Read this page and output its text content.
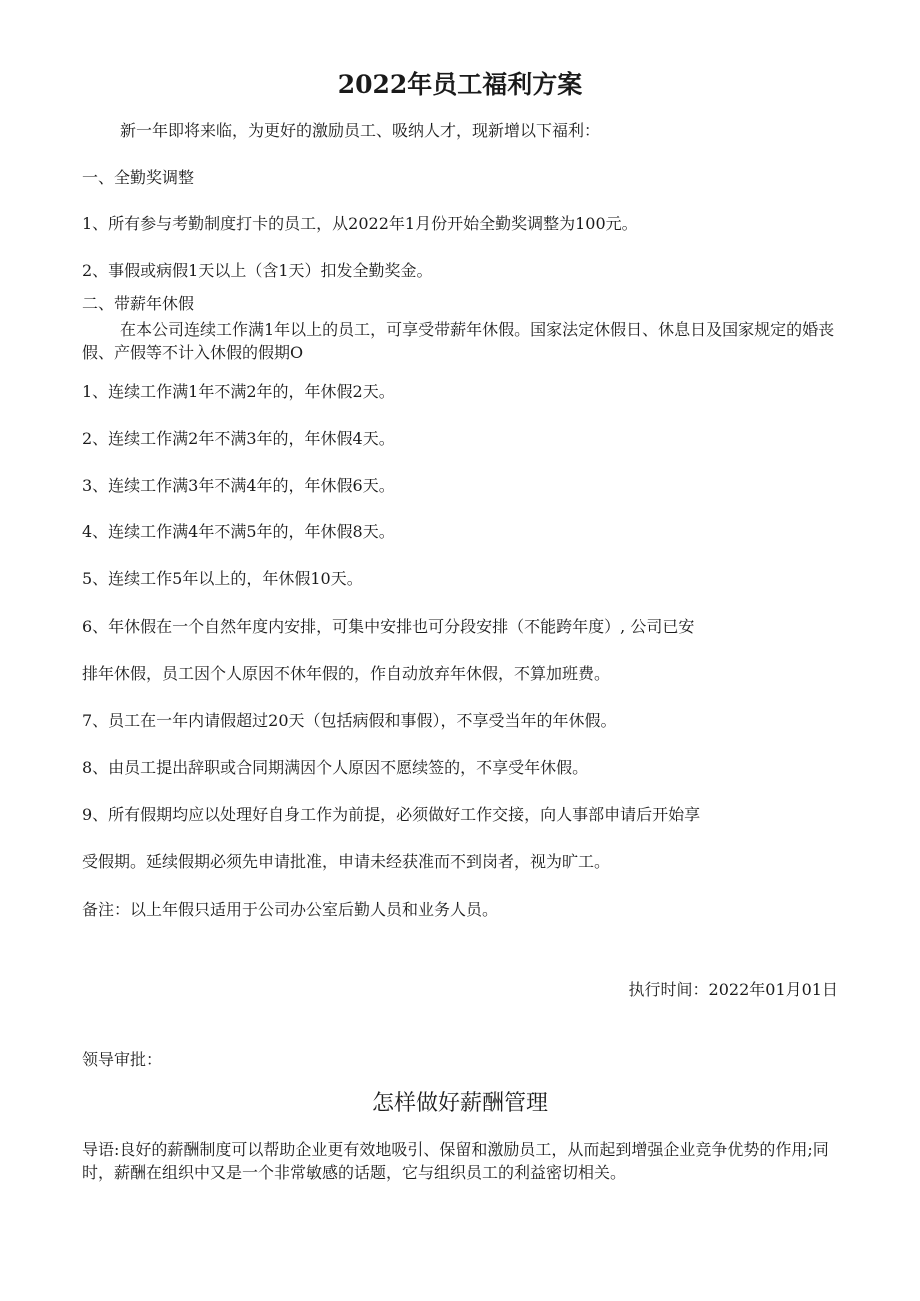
2022年员工福利方案
新一年即将来临，为更好的激励员工、吸纳人才，现新增以下福利：
一、全勤奖调整
1、所有参与考勤制度打卡的员工，从2022年1月份开始全勤奖调整为100元。
2、事假或病假1天以上（含1天）扣发全勤奖金。
二、带薪年休假
在本公司连续工作满1年以上的员工，可享受带薪年休假。国家法定休假日、休息日及国家规定的婚丧假、产假等不计入休假的假期O
1、连续工作满1年不满2年的，年休假2天。
2、连续工作满2年不满3年的，年休假4天。
3、连续工作满3年不满4年的，年休假6天。
4、连续工作满4年不满5年的，年休假8天。
5、连续工作5年以上的，年休假10天。
6、年休假在一个自然年度内安排，可集中安排也可分段安排（不能跨年度）, 公司已安
排年休假，员工因个人原因不休年假的，作自动放弃年休假，不算加班费。
7、员工在一年内请假超过20天（包括病假和事假），不享受当年的年休假。
8、由员工提出辞职或合同期满因个人原因不愿续签的，不享受年休假。
9、所有假期均应以处理好自身工作为前提，必须做好工作交接，向人事部申请后开始享
受假期。延续假期必须先申请批准，申请未经获准而不到岗者，视为旷工。
备注：以上年假只适用于公司办公室后勤人员和业务人员。
执行时间：2022年01月01日
领导审批：
怎样做好薪酬管理
导语:良好的薪酬制度可以帮助企业更有效地吸引、保留和激励员工，从而起到增强企业竞争优势的作用;同时，薪酬在组织中又是一个非常敏感的话题，它与组织员工的利益密切相关。
